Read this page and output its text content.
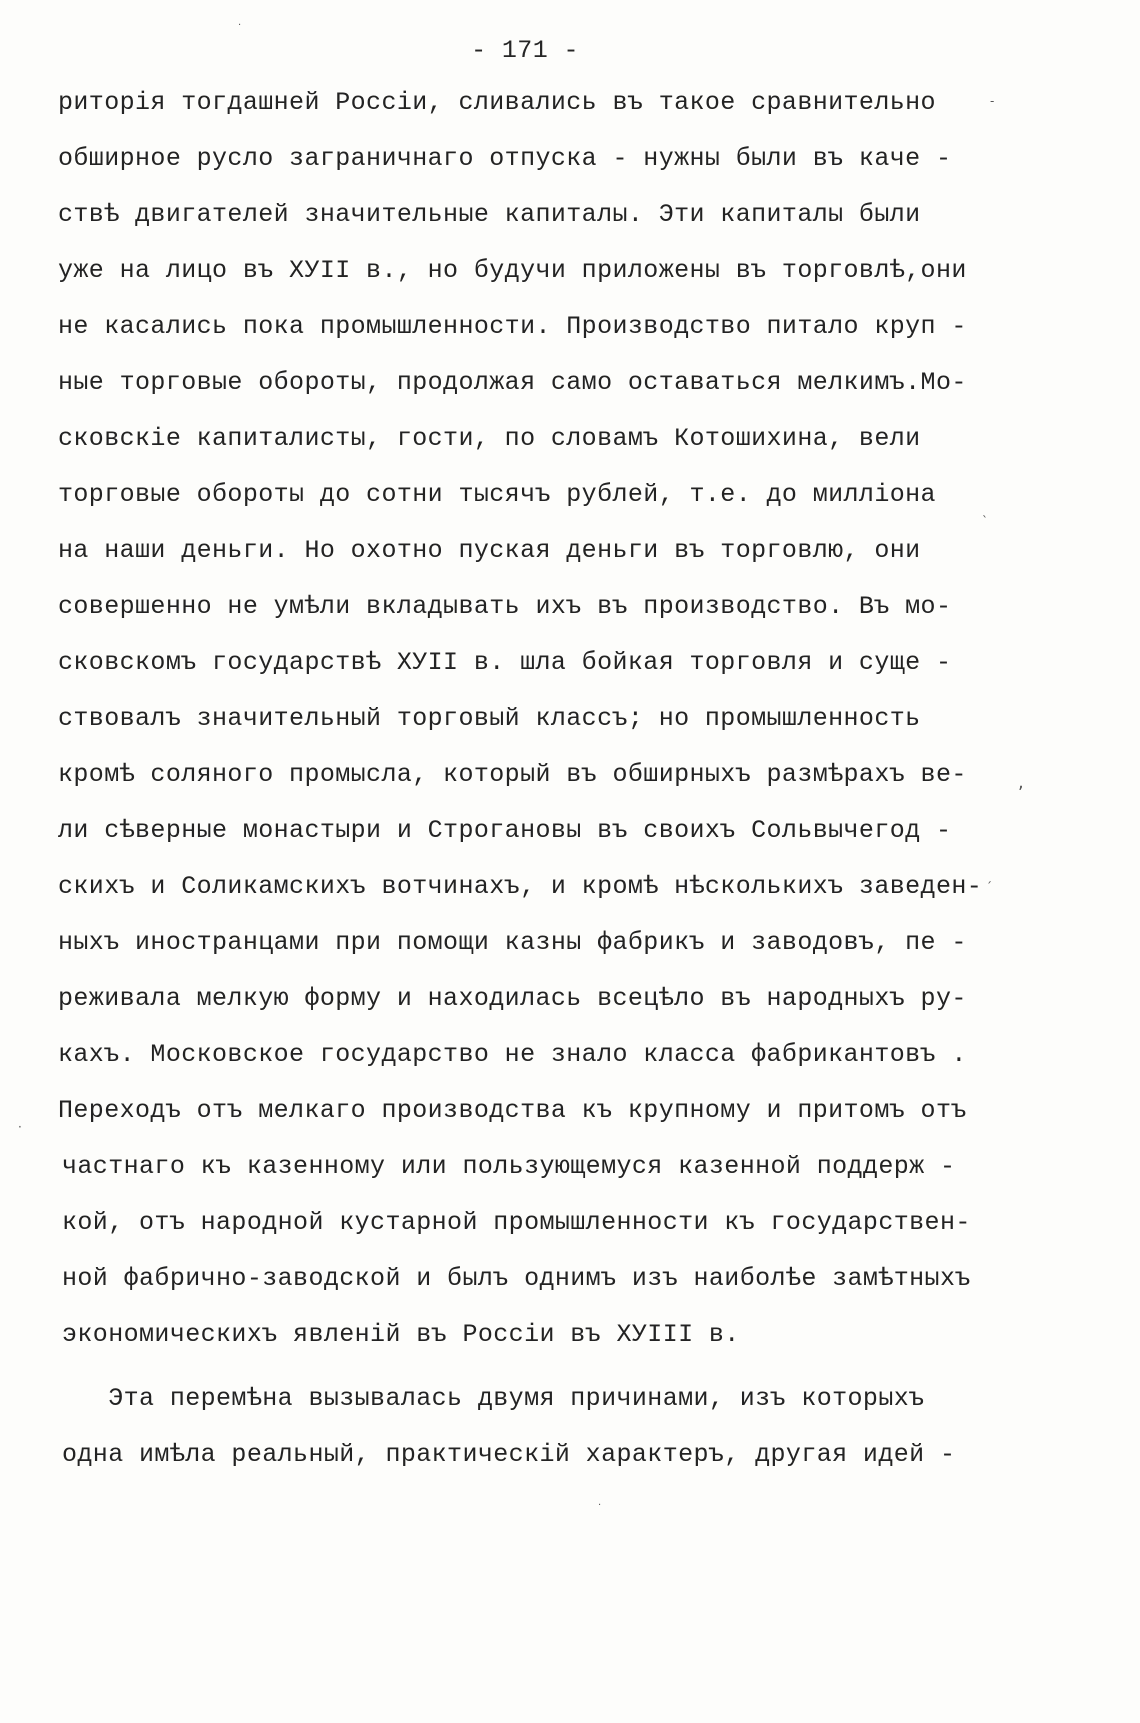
- 171 -
риторія тогдашней Россіи, сливались въ такое сравнительно
обширное русло заграничнаго отпуска - нужны были въ каче -
ствѣ двигателей значительные капиталы. Эти капиталы были
уже на лицо въ ХУII в., но будучи приложены въ торговлѣ,они
не касались пока промышленности. Производство питало круп -
ные торговые обороты, продолжая само оставаться мелкимъ.Мо-
сковскіе капиталисты, гости, по словамъ Котошихина, вели
торговые обороты до сотни тысячъ рублей, т.е. до милліона
на наши деньги. Но охотно пуская деньги въ торговлю, они
совершенно не умѣли вкладывать ихъ въ производство. Въ мо-
сковскомъ государствѣ ХУII в. шла бойкая торговля и суще -
ствовалъ значительный торговый классъ; но промышленность
кромѣ соляного промысла, который въ обширныхъ размѣрахъ ве-
ли сѣверные монастыри и Строгановы въ своихъ Сольвычегод -
скихъ и Соликамскихъ вотчинахъ, и кромѣ нѣсколькихъ заведен-
ныхъ иностранцами при помощи казны фабрикъ и заводовъ, пе -
реживала мелкую форму и находилась всецѣло въ народныхъ ру-
кахъ. Московское государство не знало класса фабрикантовъ .
Переходъ отъ мелкаго производства къ крупному и притомъ отъ
частнаго къ казенному или пользующемуся казенной поддерж -
кой, отъ народной кустарной промышленности къ государствен-
ной фабрично-заводской и былъ однимъ изъ наиболѣе замѣтныхъ
экономическихъ явленій въ Россіи въ ХУIII в.
Эта перемѣна вызывалась двумя причинами, изъ которыхъ
одна имѣла реальный, практическій характеръ, другая идей -
·
-
ˋ
,
ˊ
·
·
